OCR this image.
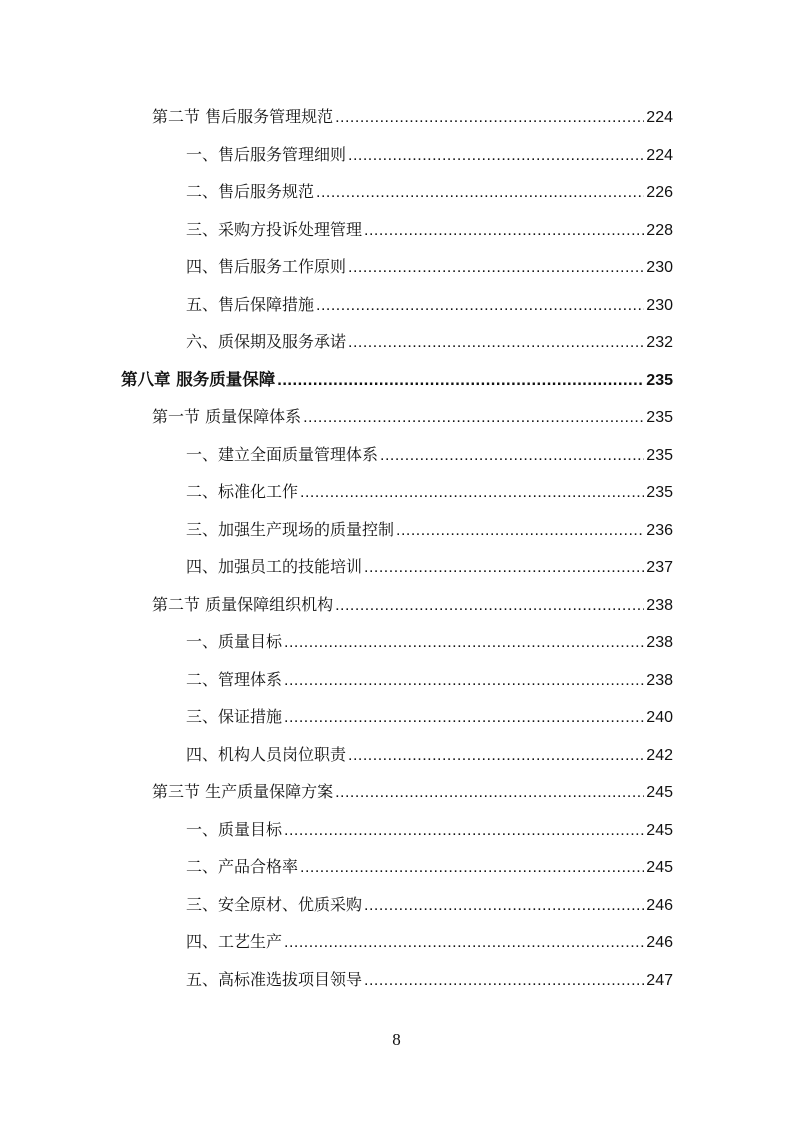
第二节 售后服务管理规范 .....	224
一、售后服务管理细则 .....	224
二、售后服务规范 .....	226
三、采购方投诉处理管理 .....	228
四、售后服务工作原则 .....	230
五、售后保障措施 .....	230
六、质保期及服务承诺 .....	232
第八章 服务质量保障 .....	235
第一节 质量保障体系 .....	235
一、建立全面质量管理体系 .....	235
二、标准化工作 .....	235
三、加强生产现场的质量控制 .....	236
四、加强员工的技能培训 .....	237
第二节 质量保障组织机构 .....	238
一、质量目标 .....	238
二、管理体系 .....	238
三、保证措施 .....	240
四、机构人员岗位职责 .....	242
第三节 生产质量保障方案 .....	245
一、质量目标 .....	245
二、产品合格率 .....	245
三、安全原材、优质采购 .....	246
四、工艺生产 .....	246
五、高标准选拔项目领导 .....	247
8
